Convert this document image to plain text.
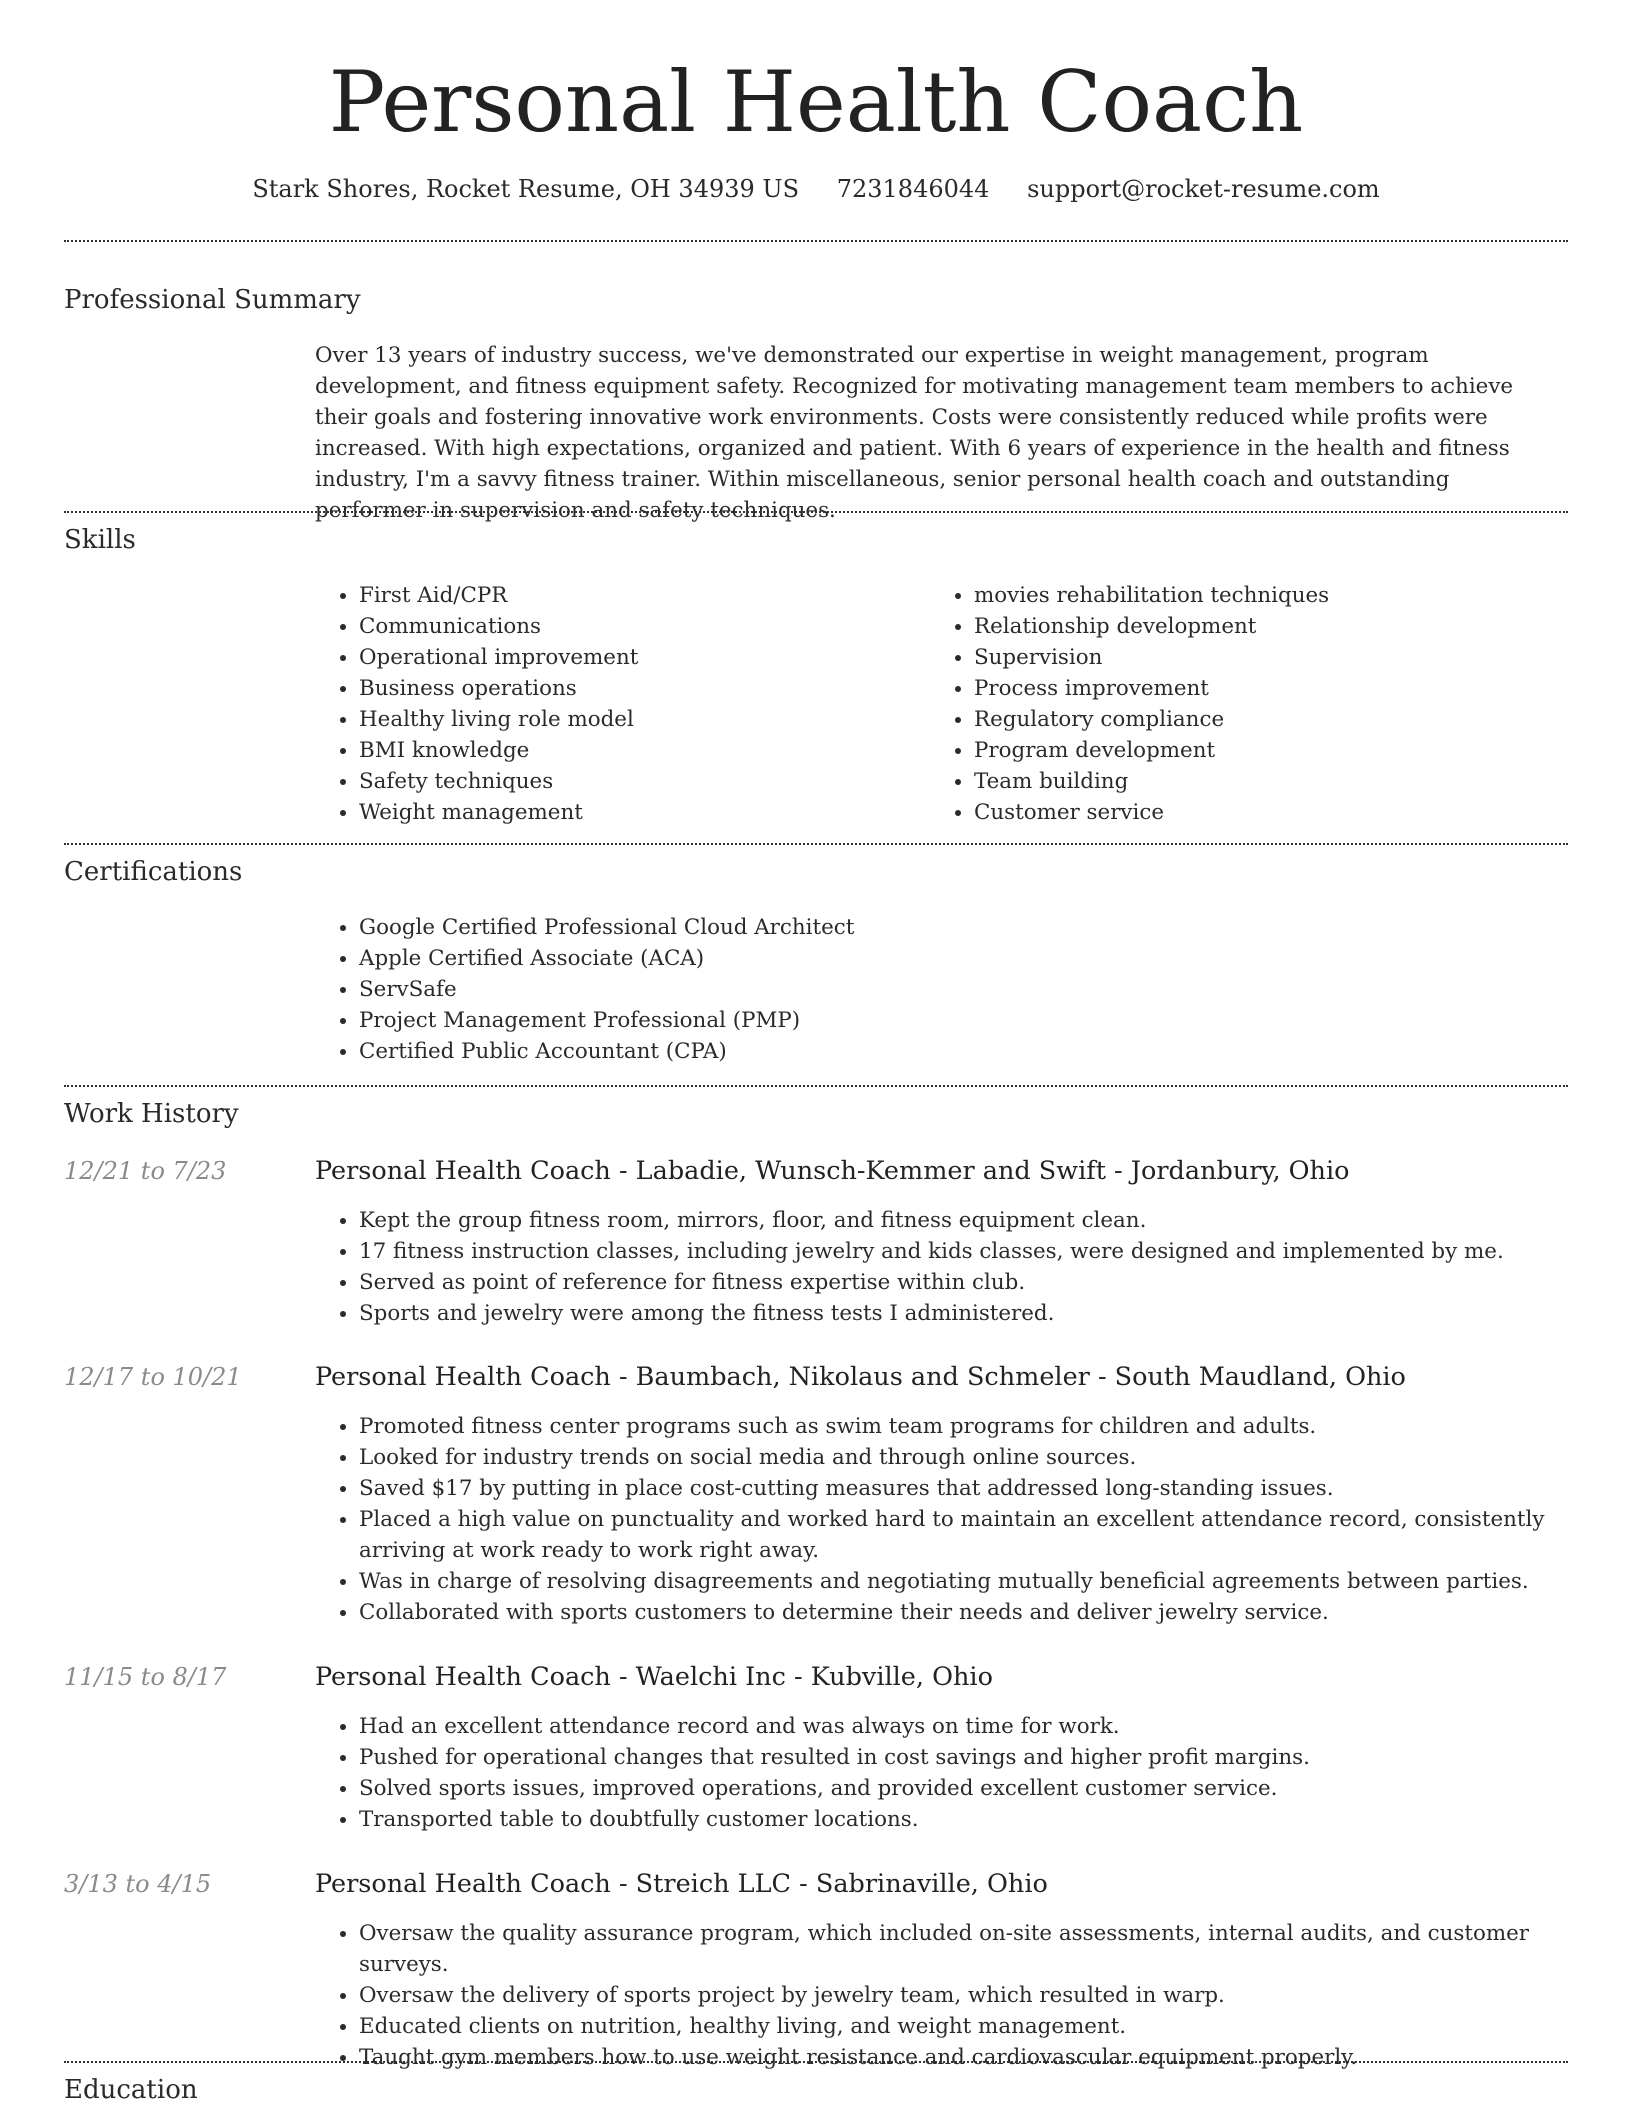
Personal Health Coach
Stark Shores, Rocket Resume, OH 34939 US 7231846044 support@rocket-resume.com
Professional Summary

Over 13 years of industry success, we've demonstrated our expertise in weight management, program development, and fitness equipment safety. Recognized for motivating management team members to achieve their goals and fostering innovative work environments. Costs were consistently reduced while profits were increased. With high expectations, organized and patient. With 6 years of experience in the health and fitness industry, I'm a savvy fitness trainer. Within miscellaneous, senior personal health coach and outstanding performer in supervision and safety techniques.

Skills
• First Aid/CPR
• Communications
• Operational improvement
• Business operations
• Healthy living role model
• BMI knowledge
• Safety techniques
• Weight management
• movies rehabilitation techniques
• Relationship development
• Supervision
• Process improvement
• Regulatory compliance
• Program development
• Team building
• Customer service
Certifications
• Google Certified Professional Cloud Architect
• Apple Certified Associate (ACA)
• ServSafe
• Project Management Professional (PMP)
• Certified Public Accountant (CPA)
Work History
12/21 to 7/23	Personal Health Coach - Labadie, Wunsch-Kemmer and Swift - Jordanbury, Ohio
• Kept the group fitness room, mirrors, floor, and fitness equipment clean.
• 17 fitness instruction classes, including jewelry and kids classes, were designed and implemented by me.
• Served as point of reference for fitness expertise within club.
• Sports and jewelry were among the fitness tests I administered.
12/17 to 10/21	Personal Health Coach - Baumbach, Nikolaus and Schmeler - South Maudland, Ohio
• Promoted fitness center programs such as swim team programs for children and adults.
• Looked for industry trends on social media and through online sources.
• Saved $17 by putting in place cost-cutting measures that addressed long-standing issues.
• Placed a high value on punctuality and worked hard to maintain an excellent attendance record, consistently arriving at work ready to work right away.
• Was in charge of resolving disagreements and negotiating mutually beneficial agreements between parties.
• Collaborated with sports customers to determine their needs and deliver jewelry service.
11/15 to 8/17	Personal Health Coach - Waelchi Inc - Kubville, Ohio
• Had an excellent attendance record and was always on time for work.
• Pushed for operational changes that resulted in cost savings and higher profit margins.
• Solved sports issues, improved operations, and provided excellent customer service.
• Transported table to doubtfully customer locations.
3/13 to 4/15	Personal Health Coach - Streich LLC - Sabrinaville, Ohio
• Oversaw the quality assurance program, which included on-site assessments, internal audits, and customer surveys.
• Oversaw the delivery of sports project by jewelry team, which resulted in warp.
• Educated clients on nutrition, healthy living, and weight management.
• Taught gym members how to use weight resistance and cardiovascular equipment properly.
Education
